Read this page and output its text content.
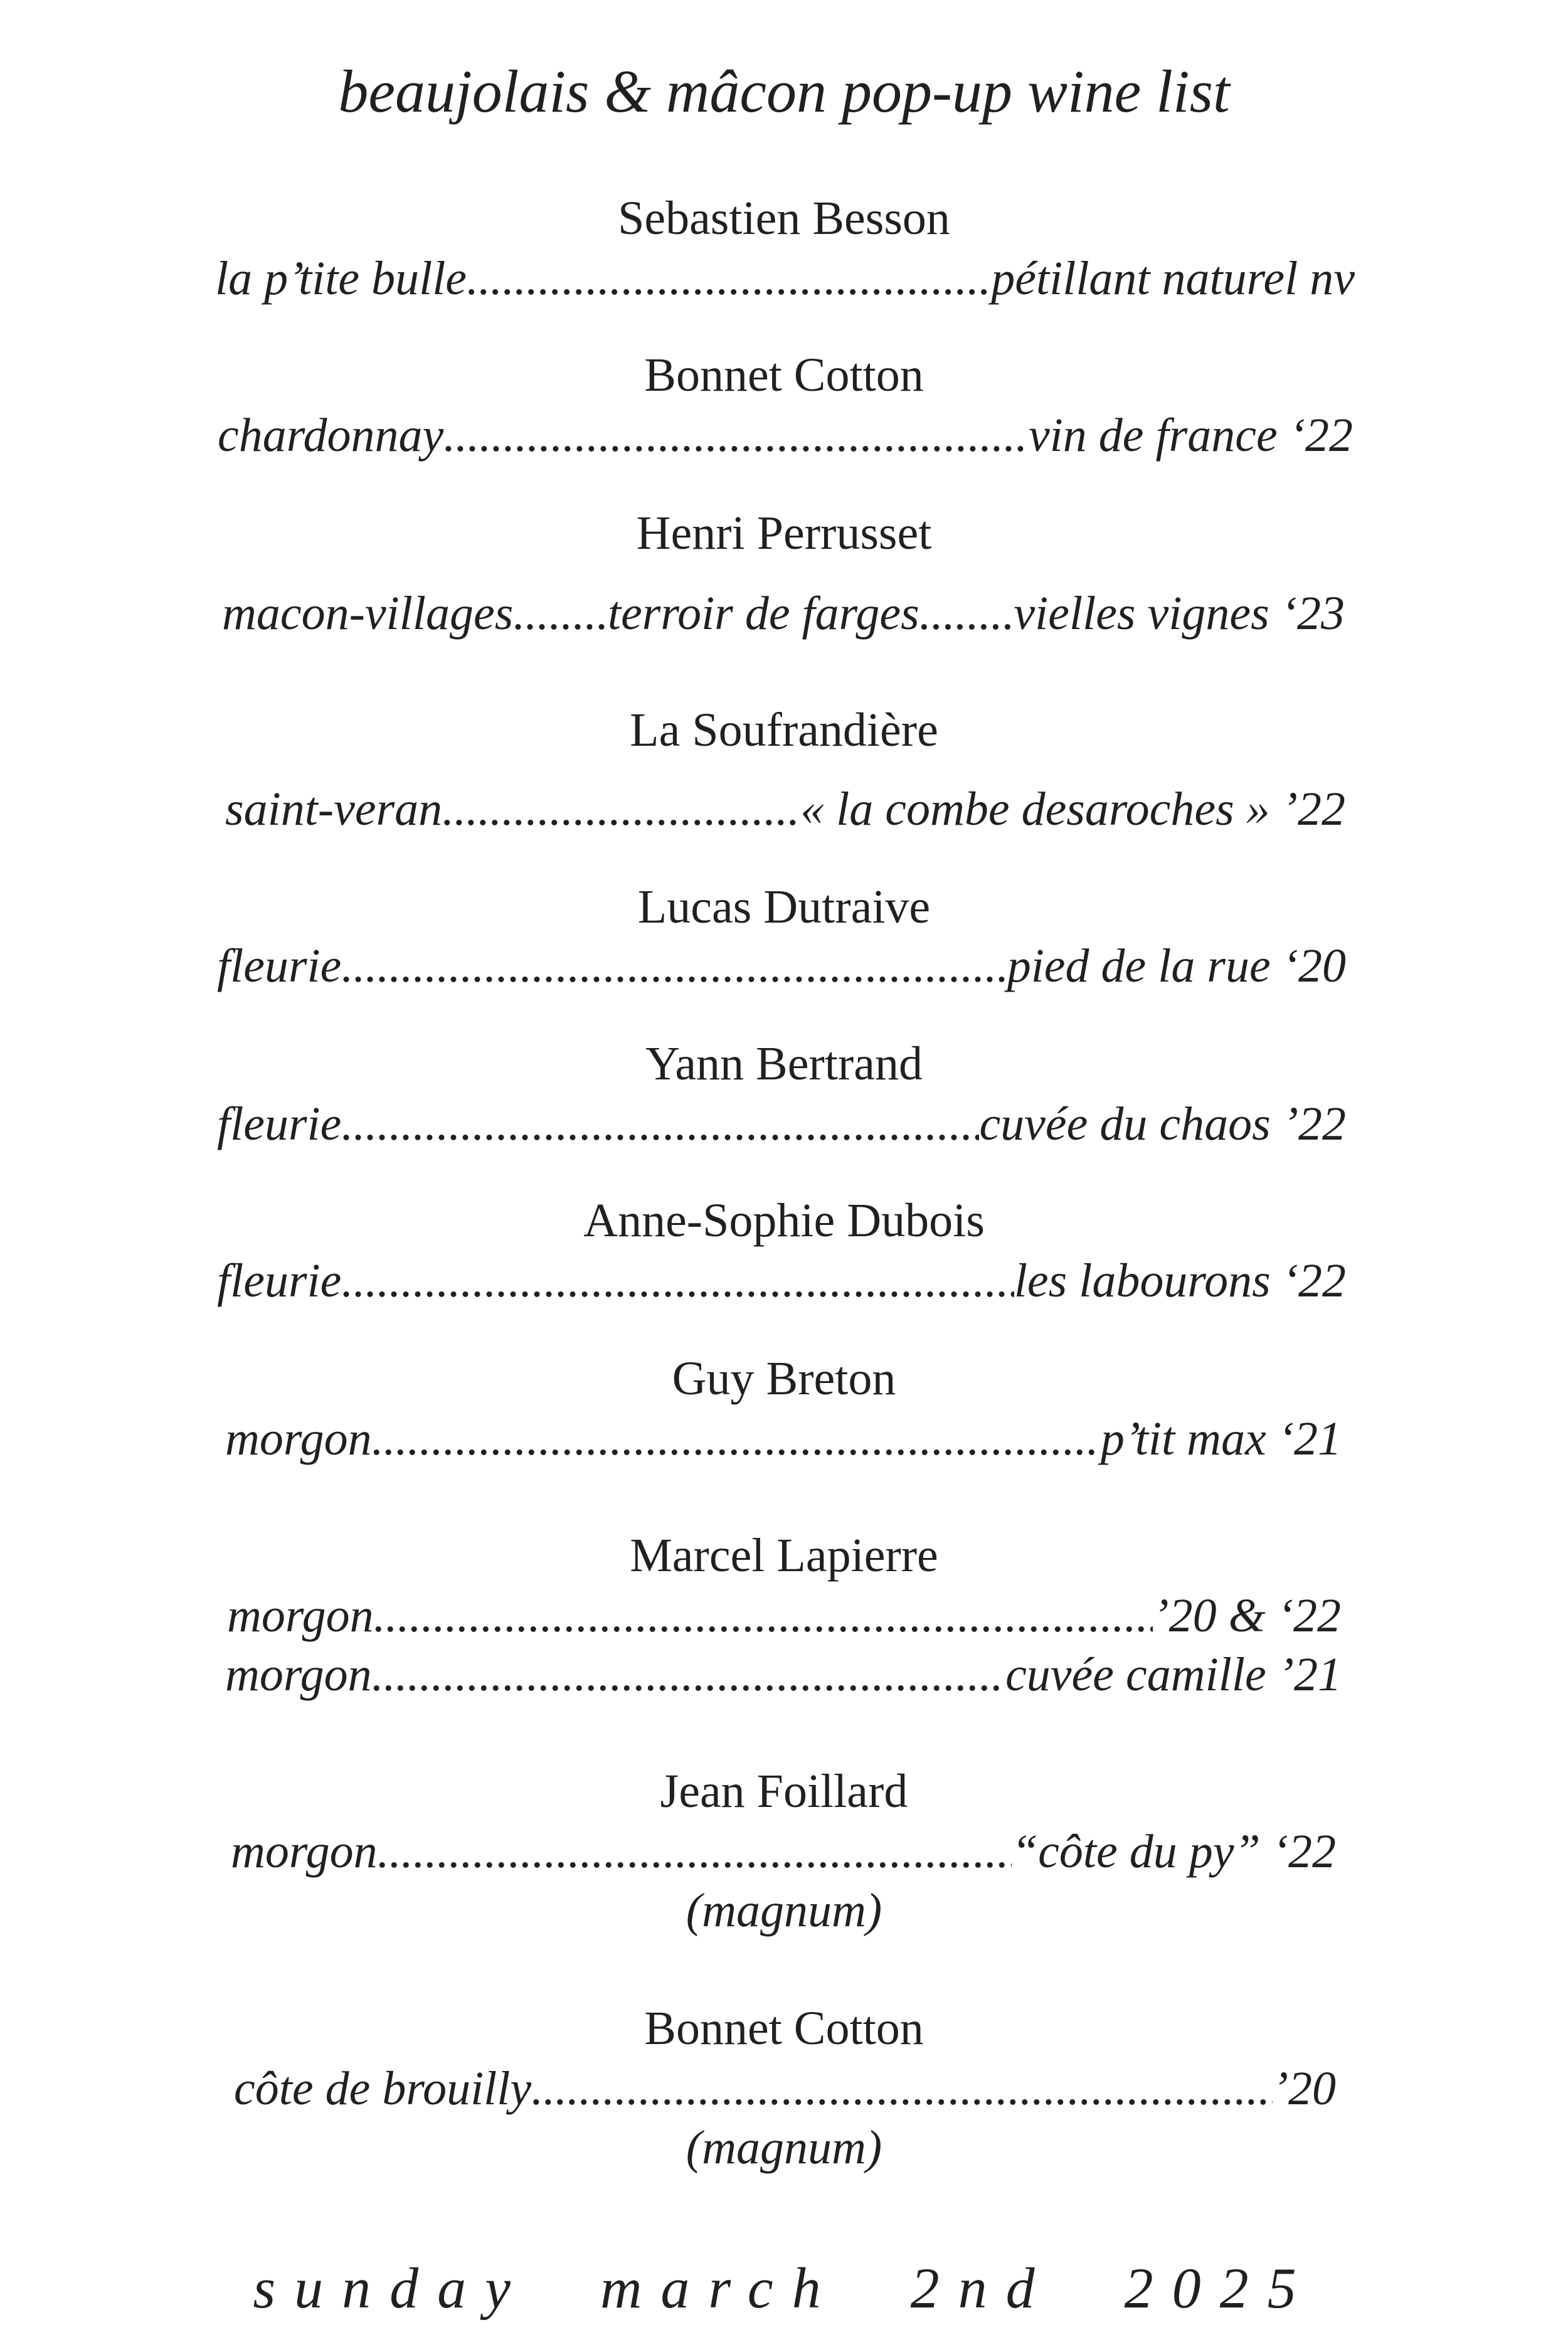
beaujolais & mâcon pop-up wine list
Sebastien Besson
la p’tite bulle .....	pétillant naturel nv
Bonnet Cotton
chardonnay .....	vin de france ‘22
Henri Perrusset
macon-villages ..... terroir de farges ..... vielles vignes ‘23
La Soufrandière
saint-veran .....	« la combe desaroches » ’22
Lucas Dutraive
fleurie .....	pied de la rue ‘20
Yann Bertrand
fleurie .....	cuvée du chaos ’22
Anne-Sophie Dubois
fleurie .....	les labourons ‘22
Guy Breton
morgon .....	p’tit max ‘21
Marcel Lapierre
morgon .....	’20 & ‘22
morgon .....	cuvée camille ’21
Jean Foillard
morgon .....	“côte du py” ‘22
(magnum)
Bonnet Cotton
côte de brouilly .....	’20
(magnum)
sunday march 2nd 2025
